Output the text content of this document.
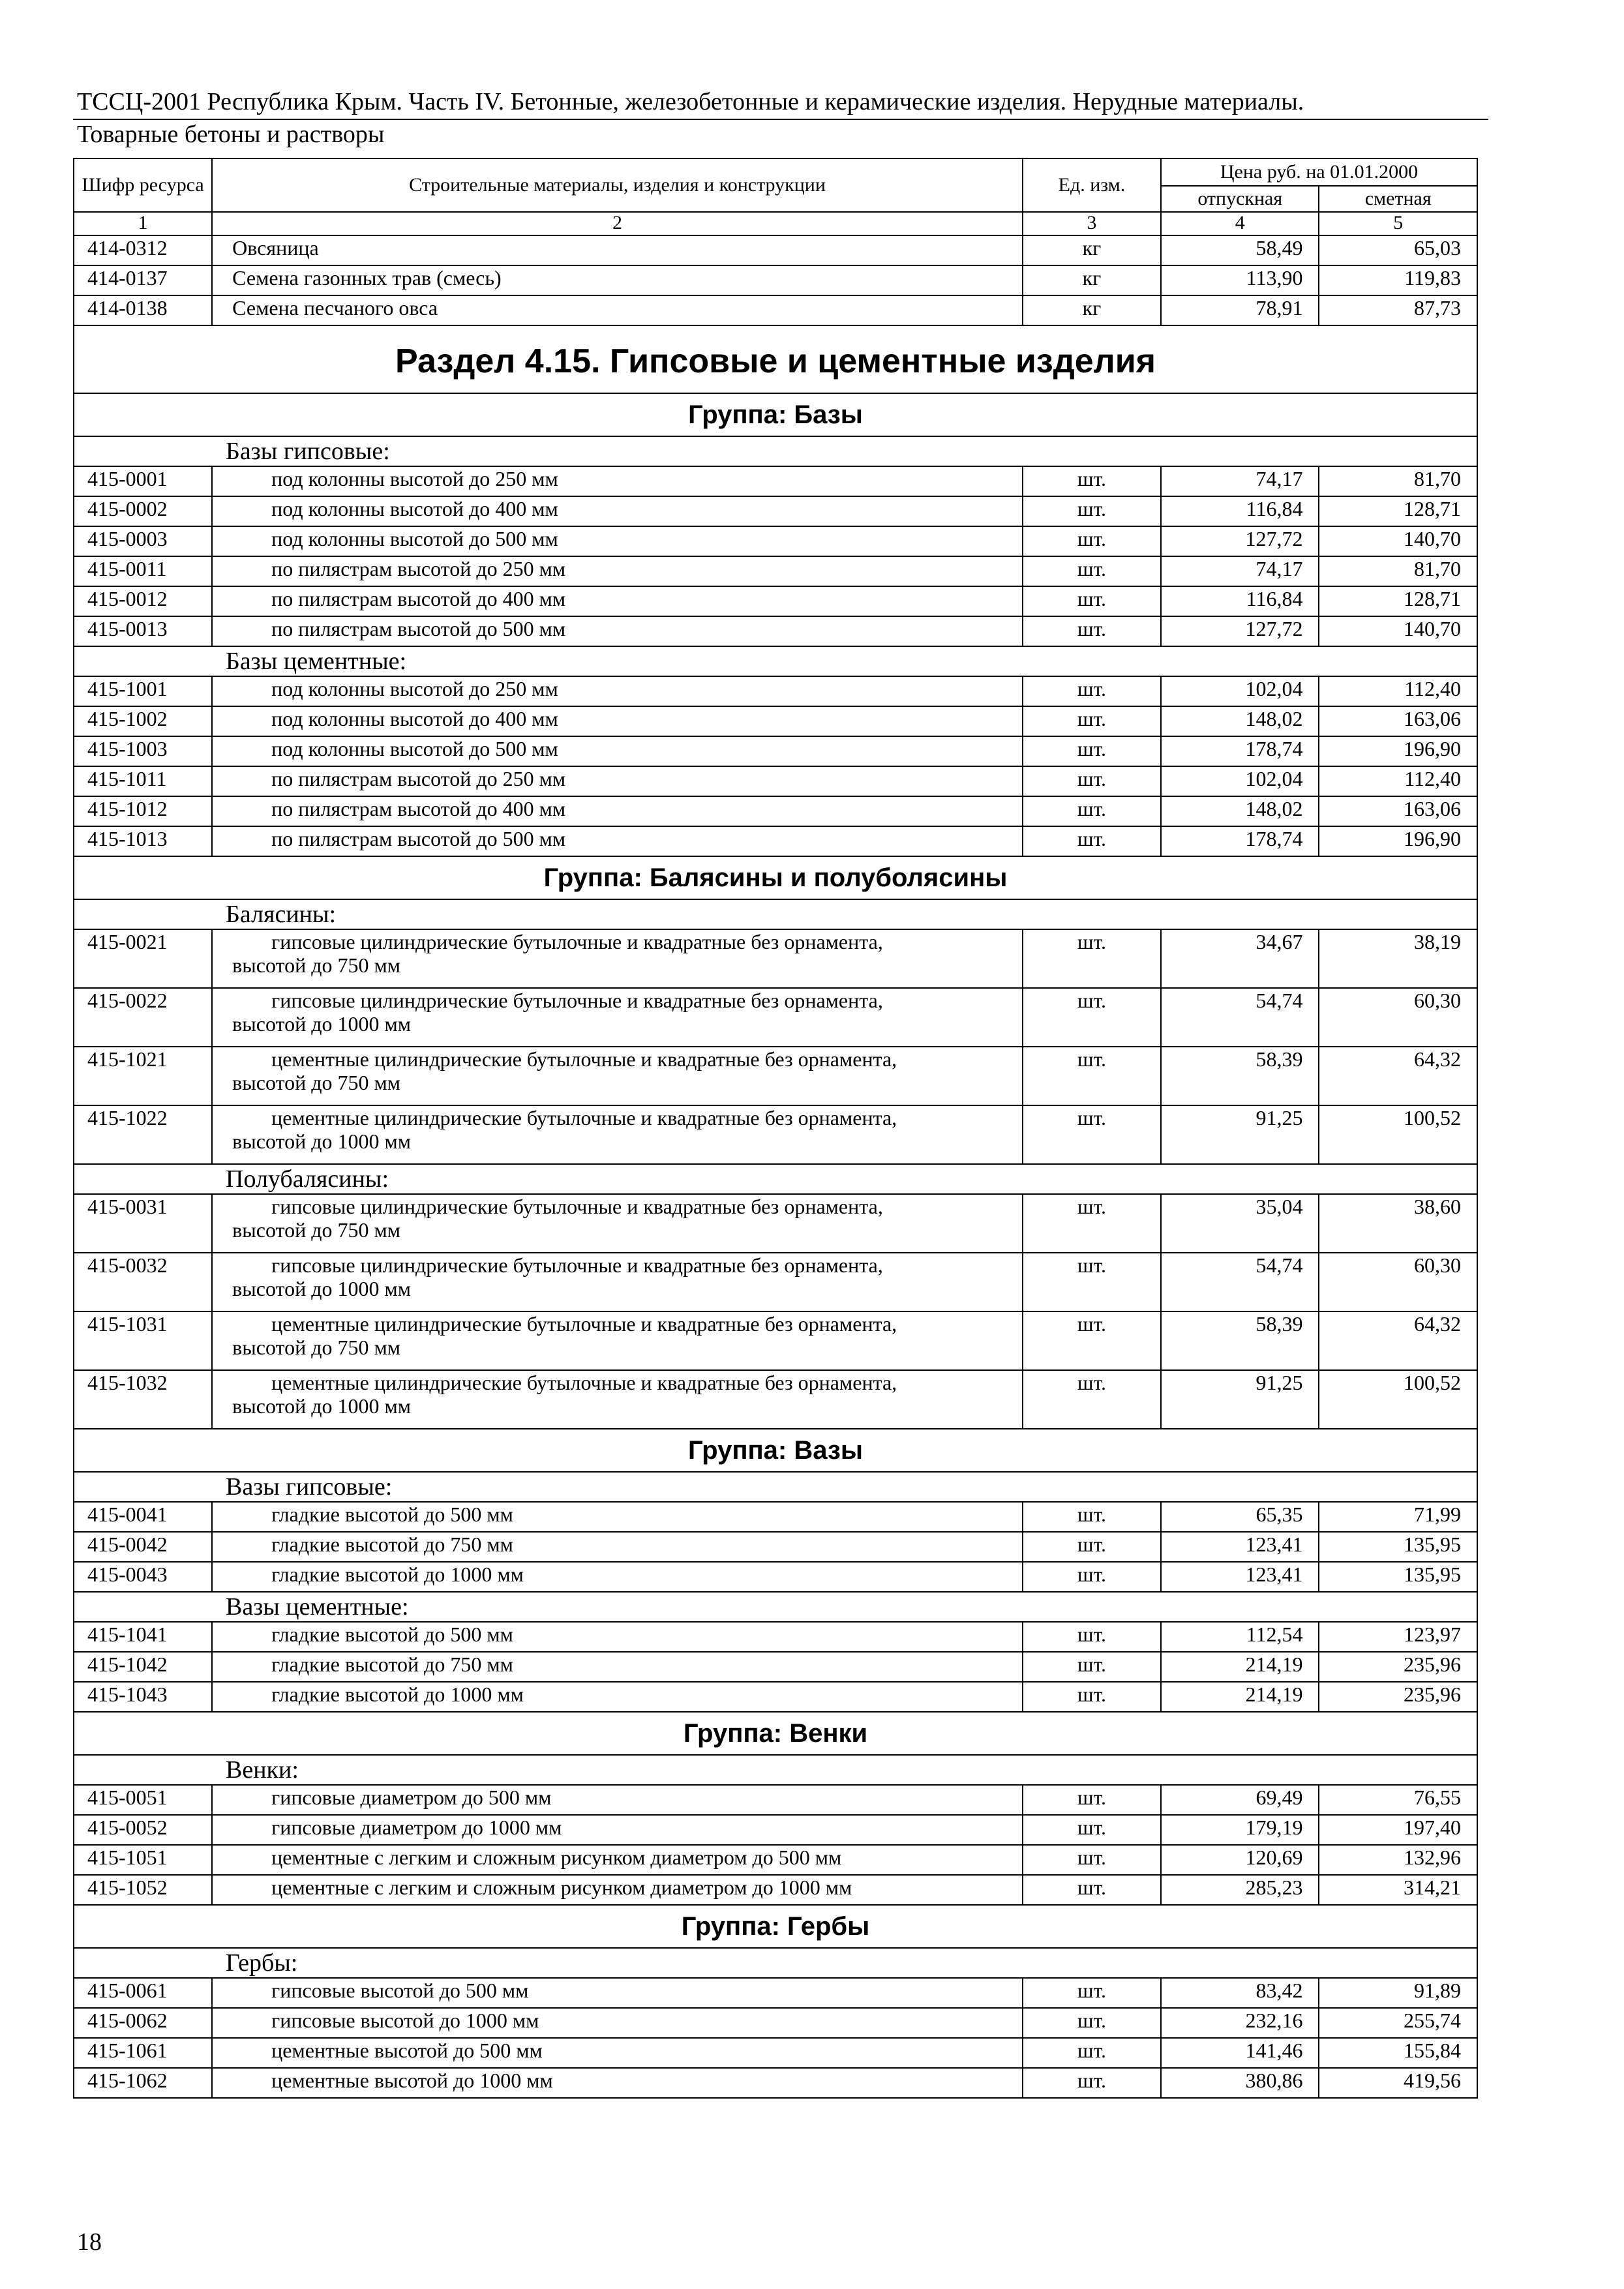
ТССЦ-2001 Республика Крым. Часть IV. Бетонные, железобетонные и керамические изделия. Нерудные материалы.
Товарные бетоны и растворы
Шифр ресурса	Строительные материалы, изделия и конструкции	Ед. изм.	Цена руб. на 01.01.2000	
			отпускная	сметная
1	2	3	4	5
414-0312	Овсяница	кг	58,49	65,03
414-0137	Семена газонных трав (смесь)	кг	113,90	119,83
414-0138	Семена песчаного овса	кг	78,91	87,73
Раздел 4.15. Гипсовые и цементные изделия				
Группа: Базы				
Базы гипсовые:				
415-0001	под колонны высотой до 250 мм	шт.	74,17	81,70
415-0002	под колонны высотой до 400 мм	шт.	116,84	128,71
415-0003	под колонны высотой до 500 мм	шт.	127,72	140,70
415-0011	по пилястрам высотой до 250 мм	шт.	74,17	81,70
415-0012	по пилястрам высотой до 400 мм	шт.	116,84	128,71
415-0013	по пилястрам высотой до 500 мм	шт.	127,72	140,70
Базы цементные:				
415-1001	под колонны высотой до 250 мм	шт.	102,04	112,40
415-1002	под колонны высотой до 400 мм	шт.	148,02	163,06
415-1003	под колонны высотой до 500 мм	шт.	178,74	196,90
415-1011	по пилястрам высотой до 250 мм	шт.	102,04	112,40
415-1012	по пилястрам высотой до 400 мм	шт.	148,02	163,06
415-1013	по пилястрам высотой до 500 мм	шт.	178,74	196,90
Группа: Балясины и полуболясины				
Балясины:				
415-0021	гипсовые цилиндрические бутылочные и квадратные без орнамента,
высотой до 750 мм	шт.	34,67	38,19
415-0022	гипсовые цилиндрические бутылочные и квадратные без орнамента,
высотой до 1000 мм	шт.	54,74	60,30
415-1021	цементные цилиндрические бутылочные и квадратные без орнамента,
высотой до 750 мм	шт.	58,39	64,32
415-1022	цементные цилиндрические бутылочные и квадратные без орнамента,
высотой до 1000 мм	шт.	91,25	100,52
Полубалясины:				
415-0031	гипсовые цилиндрические бутылочные и квадратные без орнамента,
высотой до 750 мм	шт.	35,04	38,60
415-0032	гипсовые цилиндрические бутылочные и квадратные без орнамента,
высотой до 1000 мм	шт.	54,74	60,30
415-1031	цементные цилиндрические бутылочные и квадратные без орнамента,
высотой до 750 мм	шт.	58,39	64,32
415-1032	цементные цилиндрические бутылочные и квадратные без орнамента,
высотой до 1000 мм	шт.	91,25	100,52
Группа: Вазы				
Вазы гипсовые:				
415-0041	гладкие высотой до 500 мм	шт.	65,35	71,99
415-0042	гладкие высотой до 750 мм	шт.	123,41	135,95
415-0043	гладкие высотой до 1000 мм	шт.	123,41	135,95
Вазы цементные:				
415-1041	гладкие высотой до 500 мм	шт.	112,54	123,97
415-1042	гладкие высотой до 750 мм	шт.	214,19	235,96
415-1043	гладкие высотой до 1000 мм	шт.	214,19	235,96
Группа: Венки				
Венки:				
415-0051	гипсовые диаметром до 500 мм	шт.	69,49	76,55
415-0052	гипсовые диаметром до 1000 мм	шт.	179,19	197,40
415-1051	цементные с легким и сложным рисунком диаметром до 500 мм	шт.	120,69	132,96
415-1052	цементные с легким и сложным рисунком диаметром до 1000 мм	шт.	285,23	314,21
Группа: Гербы				
Гербы:				
415-0061	гипсовые высотой до 500 мм	шт.	83,42	91,89
415-0062	гипсовые высотой до 1000 мм	шт.	232,16	255,74
415-1061	цементные высотой до 500 мм	шт.	141,46	155,84
415-1062	цементные высотой до 1000 мм	шт.	380,86	419,56
18
